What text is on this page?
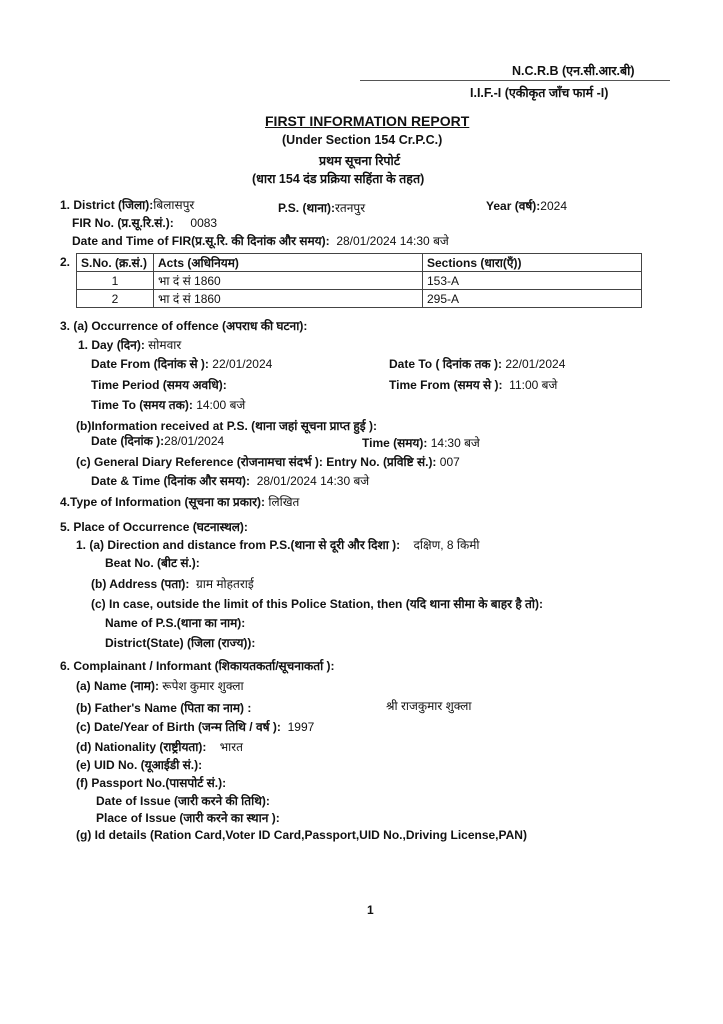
N.C.R.B (एन.सी.आर.बी)
I.I.F.-I (एकीकृत जाँच फार्म -I)
FIRST INFORMATION REPORT
(Under Section 154 Cr.P.C.)
प्रथम सूचना रिपोर्ट
(धारा 154 दंड प्रक्रिया सहिंता के तहत)
1. District (जिला):बिलासपुर	P.S. (थाना):रतनपुर	Year (वर्ष):2024
FIR No. (प्र.सू.रि.सं.): 0083
Date and Time of FIR(प्र.सू.रि. की दिनांक और समय): 28/01/2024 14:30 बजे
2. S.No. (क्र.सं.)	Acts (अधिनियम)	Sections (धारा(एँ))
1	भा दं सं 1860	153-A
2	भा दं सं 1860	295-A
3. (a) Occurrence of offence (अपराध की घटना):
1. Day (दिन): सोमवार
Date From (दिनांक से ): 22/01/2024	Date To ( दिनांक तक ): 22/01/2024
Time Period (समय अवधि):	Time From (समय से ): 11:00 बजे
Time To (समय तक): 14:00 बजे
(b)Information received at P.S. (थाना जहां सूचना प्राप्त हुई ):
Date (दिनांक ):28/01/2024	Time (समय): 14:30 बजे
(c) General Diary Reference (रोजनामचा संदर्भ ): Entry No. (प्रविष्टि सं.): 007
Date & Time (दिनांक और समय): 28/01/2024 14:30 बजे
4.Type of Information (सूचना का प्रकार): लिखित
5. Place of Occurrence (घटनास्थल):
1. (a) Direction and distance from P.S.(थाना से दूरी और दिशा ): दक्षिण, 8 किमी
Beat No. (बीट सं.):
(b) Address (पता): ग्राम मोहतराई
(c) In case, outside the limit of this Police Station, then (यदि थाना सीमा के बाहर है तो):
Name of P.S.(थाना का नाम):
District(State) (जिला (राज्य)):
6. Complainant / Informant (शिकायतकर्ता/सूचनाकर्ता ):
(a) Name (नाम): रूपेश कुमार शुक्ला
(b) Father's Name (पिता का नाम) :	श्री राजकुमार शुक्ला
(c) Date/Year of Birth (जन्म तिथि / वर्ष ): 1997
(d) Nationality (राष्ट्रीयता): भारत
(e) UID No. (यूआईडी सं.):
(f) Passport No.(पासपोर्ट सं.):
Date of Issue (जारी करने की तिथि):
Place of Issue (जारी करने का स्थान ):
(g) Id details (Ration Card,Voter ID Card,Passport,UID No.,Driving License,PAN)
1
